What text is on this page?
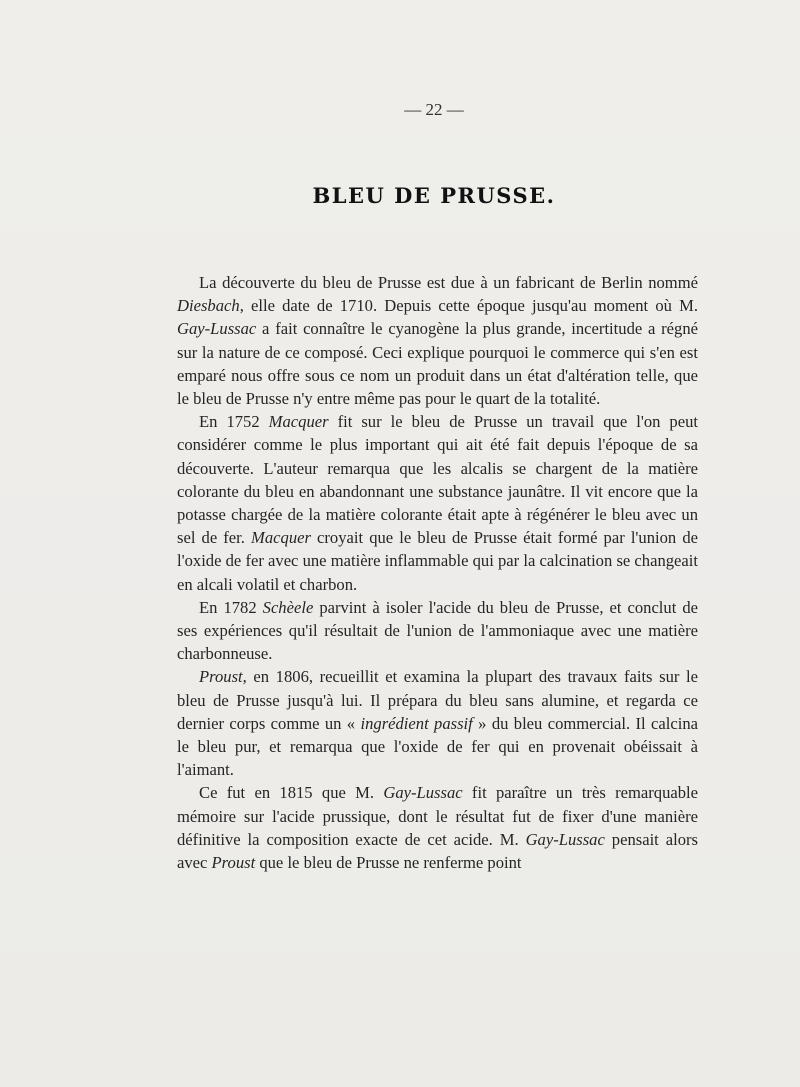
— 22 —
BLEU DE PRUSSE.

La découverte du bleu de Prusse est due à un fabricant de Berlin nommé Diesbach, elle date de 1710. Depuis cette époque jusqu'au moment où M. Gay-Lussac a fait connaître le cyanogène la plus grande, incertitude a régné sur la nature de ce composé. Ceci explique pourquoi le commerce qui s'en est emparé nous offre sous ce nom un produit dans un état d'altération telle, que le bleu de Prusse n'y entre même pas pour le quart de la totalité.

En 1752 Macquer fit sur le bleu de Prusse un travail que l'on peut considérer comme le plus important qui ait été fait depuis l'époque de sa découverte. L'auteur remarqua que les alcalis se chargent de la matière colorante du bleu en abandonnant une substance jaunâtre. Il vit encore que la potasse chargée de la matière colorante était apte à régénérer le bleu avec un sel de fer. Macquer croyait que le bleu de Prusse était formé par l'union de l'oxide de fer avec une matière inflammable qui par la calcination se changeait en alcali volatil et charbon.

En 1782 Schèele parvint à isoler l'acide du bleu de Prusse, et conclut de ses expériences qu'il résultait de l'union de l'ammoniaque avec une matière charbonneuse.

Proust, en 1806, recueillit et examina la plupart des travaux faits sur le bleu de Prusse jusqu'à lui. Il prépara du bleu sans alumine, et regarda ce dernier corps comme un « ingrédient passif » du bleu commercial. Il calcina le bleu pur, et remarqua que l'oxide de fer qui en provenait obéissait à l'aimant.

Ce fut en 1815 que M. Gay-Lussac fit paraître un très remarquable mémoire sur l'acide prussique, dont le résultat fut de fixer d'une manière définitive la composition exacte de cet acide. M. Gay-Lussac pensait alors avec Proust que le bleu de Prusse ne renferme point
